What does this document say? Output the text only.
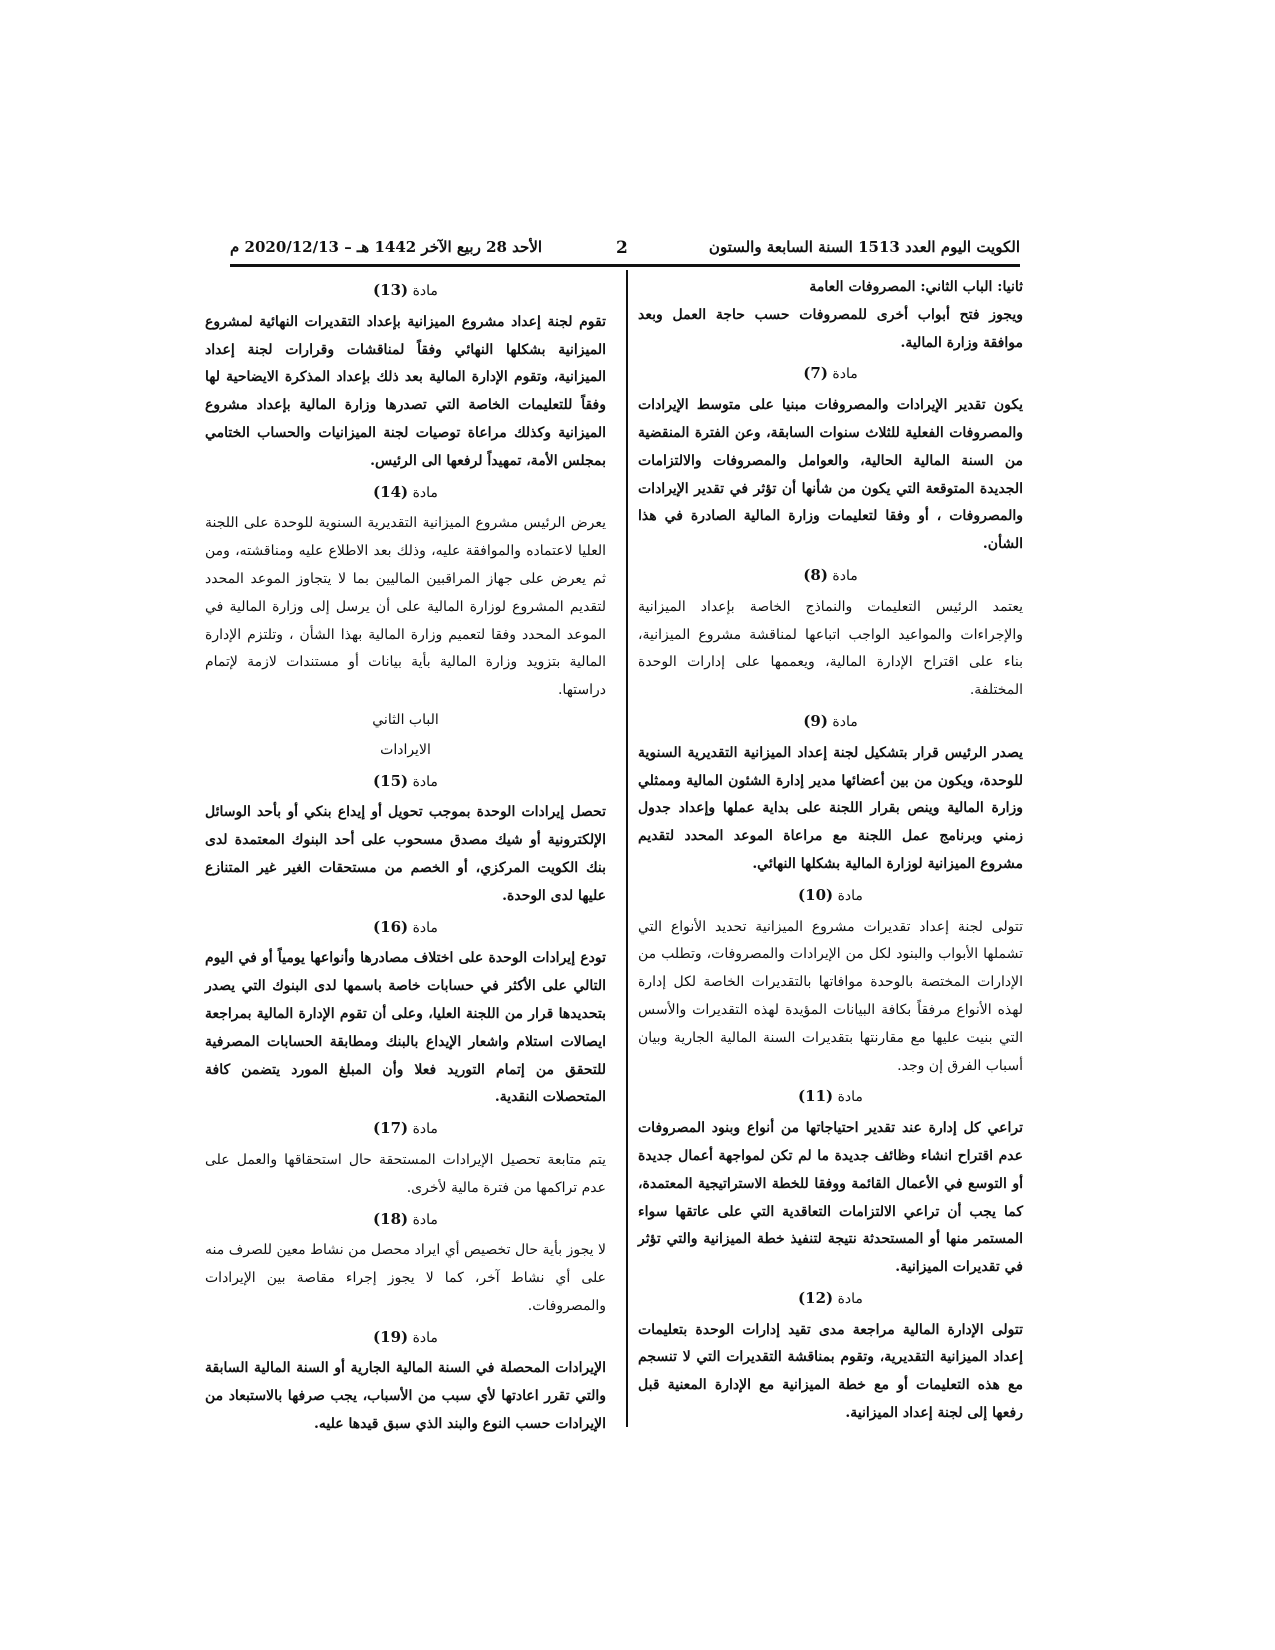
الكويت اليوم العدد 1513 السنة السابعة والستون
2
الأحد 28 ربيع الآخر 1442 هـ – 2020/12/13 م

ثانيا: الباب الثاني: المصروفات العامة

ويجوز فتح أبواب أخرى للمصروفات حسب حاجة العمل وبعد موافقة وزارة المالية.

مادة (7)

يكون تقدير الإيرادات والمصروفات مبنيا على متوسط الإيرادات والمصروفات الفعلية للثلاث سنوات السابقة، وعن الفترة المنقضية من السنة المالية الحالية، والعوامل والمصروفات والالتزامات الجديدة المتوقعة التي يكون من شأنها أن تؤثر في تقدير الإيرادات والمصروفات ، أو وفقا لتعليمات وزارة المالية الصادرة في هذا الشأن.

مادة (8)

يعتمد الرئيس التعليمات والنماذج الخاصة بإعداد الميزانية والإجراءات والمواعيد الواجب اتباعها لمناقشة مشروع الميزانية، بناء على اقتراح الإدارة المالية، ويعممها على إدارات الوحدة المختلفة.

مادة (9)

يصدر الرئيس قرار بتشكيل لجنة إعداد الميزانية التقديرية السنوية للوحدة، ويكون من بين أعضائها مدير إدارة الشئون المالية وممثلي وزارة المالية وينص بقرار اللجنة على بداية عملها وإعداد جدول زمني وبرنامج عمل اللجنة مع مراعاة الموعد المحدد لتقديم مشروع الميزانية لوزارة المالية بشكلها النهائي.

مادة (10)

تتولى لجنة إعداد تقديرات مشروع الميزانية تحديد الأنواع التي تشملها الأبواب والبنود لكل من الإيرادات والمصروفات، وتطلب من الإدارات المختصة بالوحدة موافاتها بالتقديرات الخاصة لكل إدارة لهذه الأنواع مرفقاً بكافة البيانات المؤيدة لهذه التقديرات والأسس التي بنيت عليها مع مقارنتها بتقديرات السنة المالية الجارية وبيان أسباب الفرق إن وجد.

مادة (11)

تراعي كل إدارة عند تقدير احتياجاتها من أنواع وبنود المصروفات عدم اقتراح انشاء وظائف جديدة ما لم تكن لمواجهة أعمال جديدة أو التوسع في الأعمال القائمة ووفقا للخطة الاستراتيجية المعتمدة، كما يجب أن تراعي الالتزامات التعاقدية التي على عاتقها سواء المستمر منها أو المستحدثة نتيجة لتنفيذ خطة الميزانية والتي تؤثر في تقديرات الميزانية.

مادة (12)

تتولى الإدارة المالية مراجعة مدى تقيد إدارات الوحدة بتعليمات إعداد الميزانية التقديرية، وتقوم بمناقشة التقديرات التي لا تنسجم مع هذه التعليمات أو مع خطة الميزانية مع الإدارة المعنية قبل رفعها إلى لجنة إعداد الميزانية.

مادة (13)

تقوم لجنة إعداد مشروع الميزانية بإعداد التقديرات النهائية لمشروع الميزانية بشكلها النهائي وفقاً لمناقشات وقرارات لجنة إعداد الميزانية، وتقوم الإدارة المالية بعد ذلك بإعداد المذكرة الايضاحية لها وفقاً للتعليمات الخاصة التي تصدرها وزارة المالية بإعداد مشروع الميزانية وكذلك مراعاة توصيات لجنة الميزانيات والحساب الختامي بمجلس الأمة، تمهيداً لرفعها الى الرئيس.

مادة (14)

يعرض الرئيس مشروع الميزانية التقديرية السنوية للوحدة على اللجنة العليا لاعتماده والموافقة عليه، وذلك بعد الاطلاع عليه ومناقشته، ومن ثم يعرض على جهاز المراقبين الماليين بما لا يتجاوز الموعد المحدد لتقديم المشروع لوزارة المالية على أن يرسل إلى وزارة المالية في الموعد المحدد وفقا لتعميم وزارة المالية بهذا الشأن ، وتلتزم الإدارة المالية بتزويد وزارة المالية بأية بيانات أو مستندات لازمة لإتمام دراستها.

الباب الثاني
الايرادات
مادة (15)

تحصل إيرادات الوحدة بموجب تحويل أو إيداع بنكي أو بأحد الوسائل الإلكترونية أو شيك مصدق مسحوب على أحد البنوك المعتمدة لدى بنك الكويت المركزي، أو الخصم من مستحقات الغير غير المتنازع عليها لدى الوحدة.

مادة (16)

تودع إيرادات الوحدة على اختلاف مصادرها وأنواعها يومياً أو في اليوم التالي على الأكثر في حسابات خاصة باسمها لدى البنوك التي يصدر بتحديدها قرار من اللجنة العليا، وعلى أن تقوم الإدارة المالية بمراجعة ايصالات استلام واشعار الإيداع بالبنك ومطابقة الحسابات المصرفية للتحقق من إتمام التوريد فعلا وأن المبلغ المورد يتضمن كافة المتحصلات النقدية.

مادة (17)

يتم متابعة تحصيل الإيرادات المستحقة حال استحقاقها والعمل على عدم تراكمها من فترة مالية لأخرى.

مادة (18)

لا يجوز بأية حال تخصيص أي ايراد محصل من نشاط معين للصرف منه على أي نشاط آخر، كما لا يجوز إجراء مقاصة بين الإيرادات والمصروفات.

مادة (19)

الإيرادات المحصلة في السنة المالية الجارية أو السنة المالية السابقة والتي تقرر اعادتها لأي سبب من الأسباب، يجب صرفها بالاستبعاد من الإيرادات حسب النوع والبند الذي سبق قيدها عليه.
